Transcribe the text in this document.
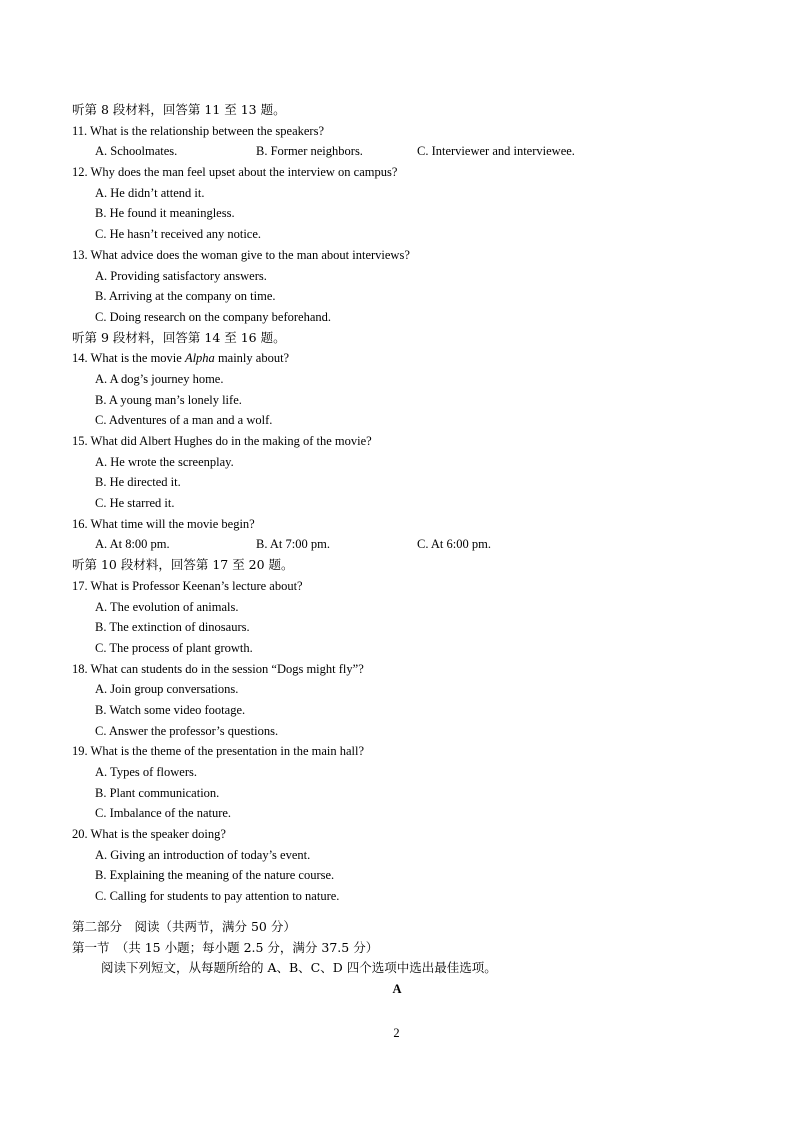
听第 8 段材料，回答第 11 至 13 题。
11. What is the relationship between the speakers?
A. Schoolmates.	B. Former neighbors.	C. Interviewer and interviewee.
12. Why does the man feel upset about the interview on campus?
A. He didn’t attend it.
B. He found it meaningless.
C. He hasn’t received any notice.
13. What advice does the woman give to the man about interviews?
A. Providing satisfactory answers.
B. Arriving at the company on time.
C. Doing research on the company beforehand.
听第 9 段材料，回答第 14 至 16 题。
14. What is the movie Alpha mainly about?
A. A dog’s journey home.
B. A young man’s lonely life.
C. Adventures of a man and a wolf.
15. What did Albert Hughes do in the making of the movie?
A. He wrote the screenplay.
B. He directed it.
C. He starred it.
16. What time will the movie begin?
A. At 8:00 pm.	B. At 7:00 pm.	C. At 6:00 pm.
听第 10 段材料，回答第 17 至 20 题。
17. What is Professor Keenan’s lecture about?
A. The evolution of animals.
B. The extinction of dinosaurs.
C. The process of plant growth.
18. What can students do in the session “Dogs might fly”?
A. Join group conversations.
B. Watch some video footage.
C. Answer the professor’s questions.
19. What is the theme of the presentation in the main hall?
A. Types of flowers.
B. Plant communication.
C. Imbalance of the nature.
20. What is the speaker doing?
A. Giving an introduction of today’s event.
B. Explaining the meaning of the nature course.
C. Calling for students to pay attention to nature.
第二部分　阅读（共两节，满分 50 分）
第一节　（共 15 小题；每小题 2.5 分，满分 37.5 分）
阅读下列短文，从每题所给的 A、B、C、D 四个选项中选出最佳选项。
A
2
